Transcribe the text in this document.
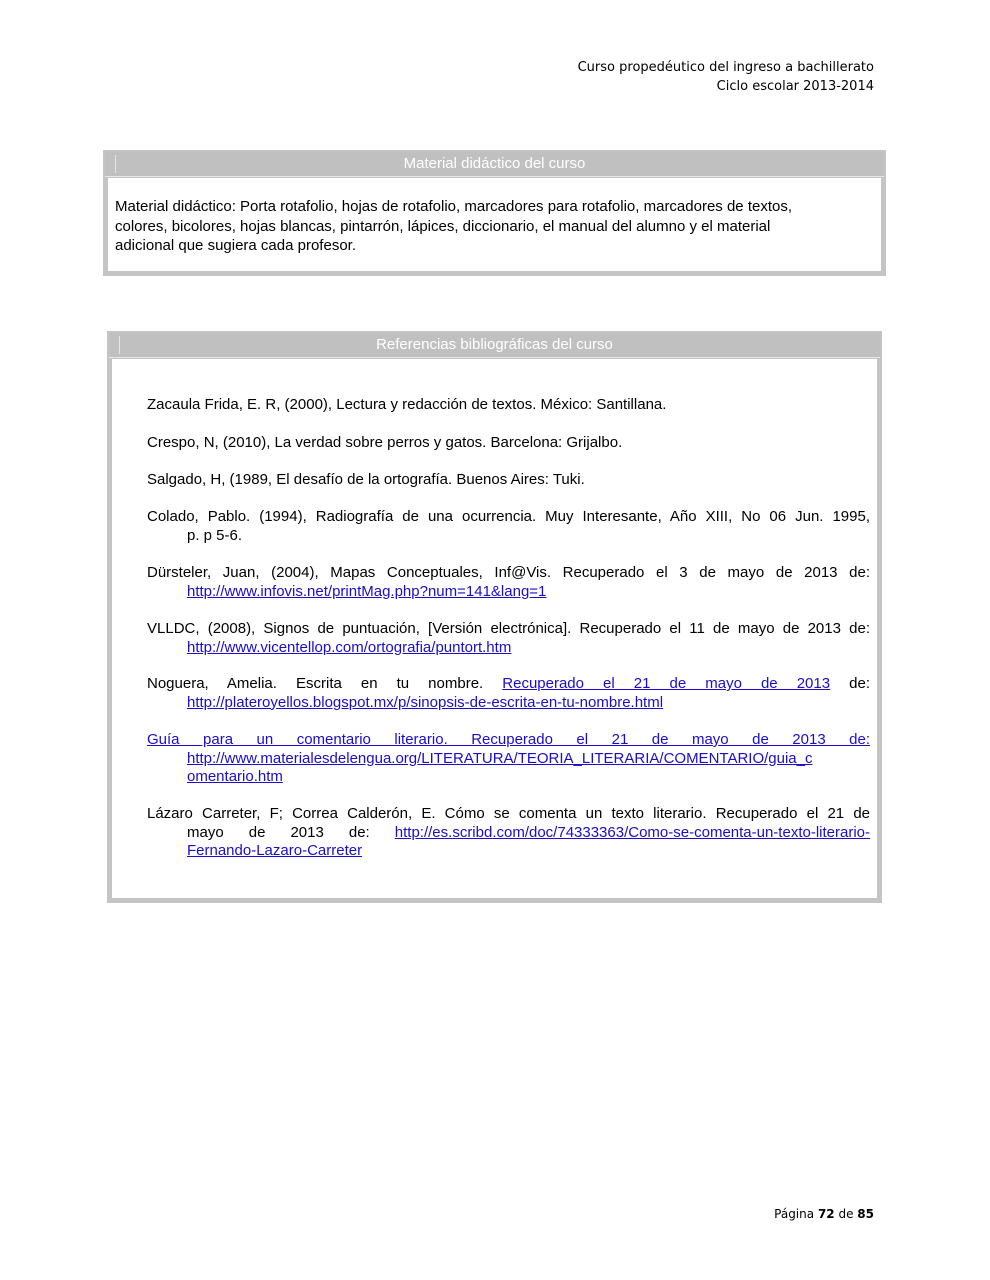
Curso propedéutico del ingreso a bachillerato
Ciclo escolar 2013-2014
Material didáctico del curso
Material didáctico: Porta rotafolio, hojas de rotafolio, marcadores para rotafolio, marcadores de textos,
colores, bicolores, hojas blancas, pintarrón, lápices, diccionario, el manual del alumno y el material
adicional que sugiera cada profesor.
Referencias bibliográficas del curso
Zacaula Frida, E. R, (2000), Lectura y redacción de textos. México: Santillana.
Crespo, N, (2010), La verdad sobre perros y gatos. Barcelona: Grijalbo.
Salgado, H, (1989, El desafío de la ortografía. Buenos Aires: Tuki.
Colado, Pablo. (1994), Radiografía de una ocurrencia. Muy Interesante, Año XIII, No 06 Jun. 1995,
p. p 5-6.
Dürsteler, Juan, (2004), Mapas Conceptuales, Inf@Vis. Recuperado el 3 de mayo de 2013 de:
http://www.infovis.net/printMag.php?num=141&lang=1
VLLDC, (2008), Signos de puntuación, [Versión electrónica]. Recuperado el 11 de mayo de 2013 de:
http://www.vicentellop.com/ortografia/puntort.htm
Noguera, Amelia. Escrita en tu nombre. Recuperado el 21 de mayo de 2013 de:
http://plateroyellos.blogspot.mx/p/sinopsis-de-escrita-en-tu-nombre.html
Guía para un comentario literario. Recuperado el 21 de mayo de 2013 de:
http://www.materialesdelengua.org/LITERATURA/TEORIA_LITERARIA/COMENTARIO/guia_c
omentario.htm
Lázaro Carreter, F; Correa Calderón, E. Cómo se comenta un texto literario. Recuperado el 21 de
mayo de 2013 de: http://es.scribd.com/doc/74333363/Como-se-comenta-un-texto-literario-
Fernando-Lazaro-Carreter
Página 72 de 85
